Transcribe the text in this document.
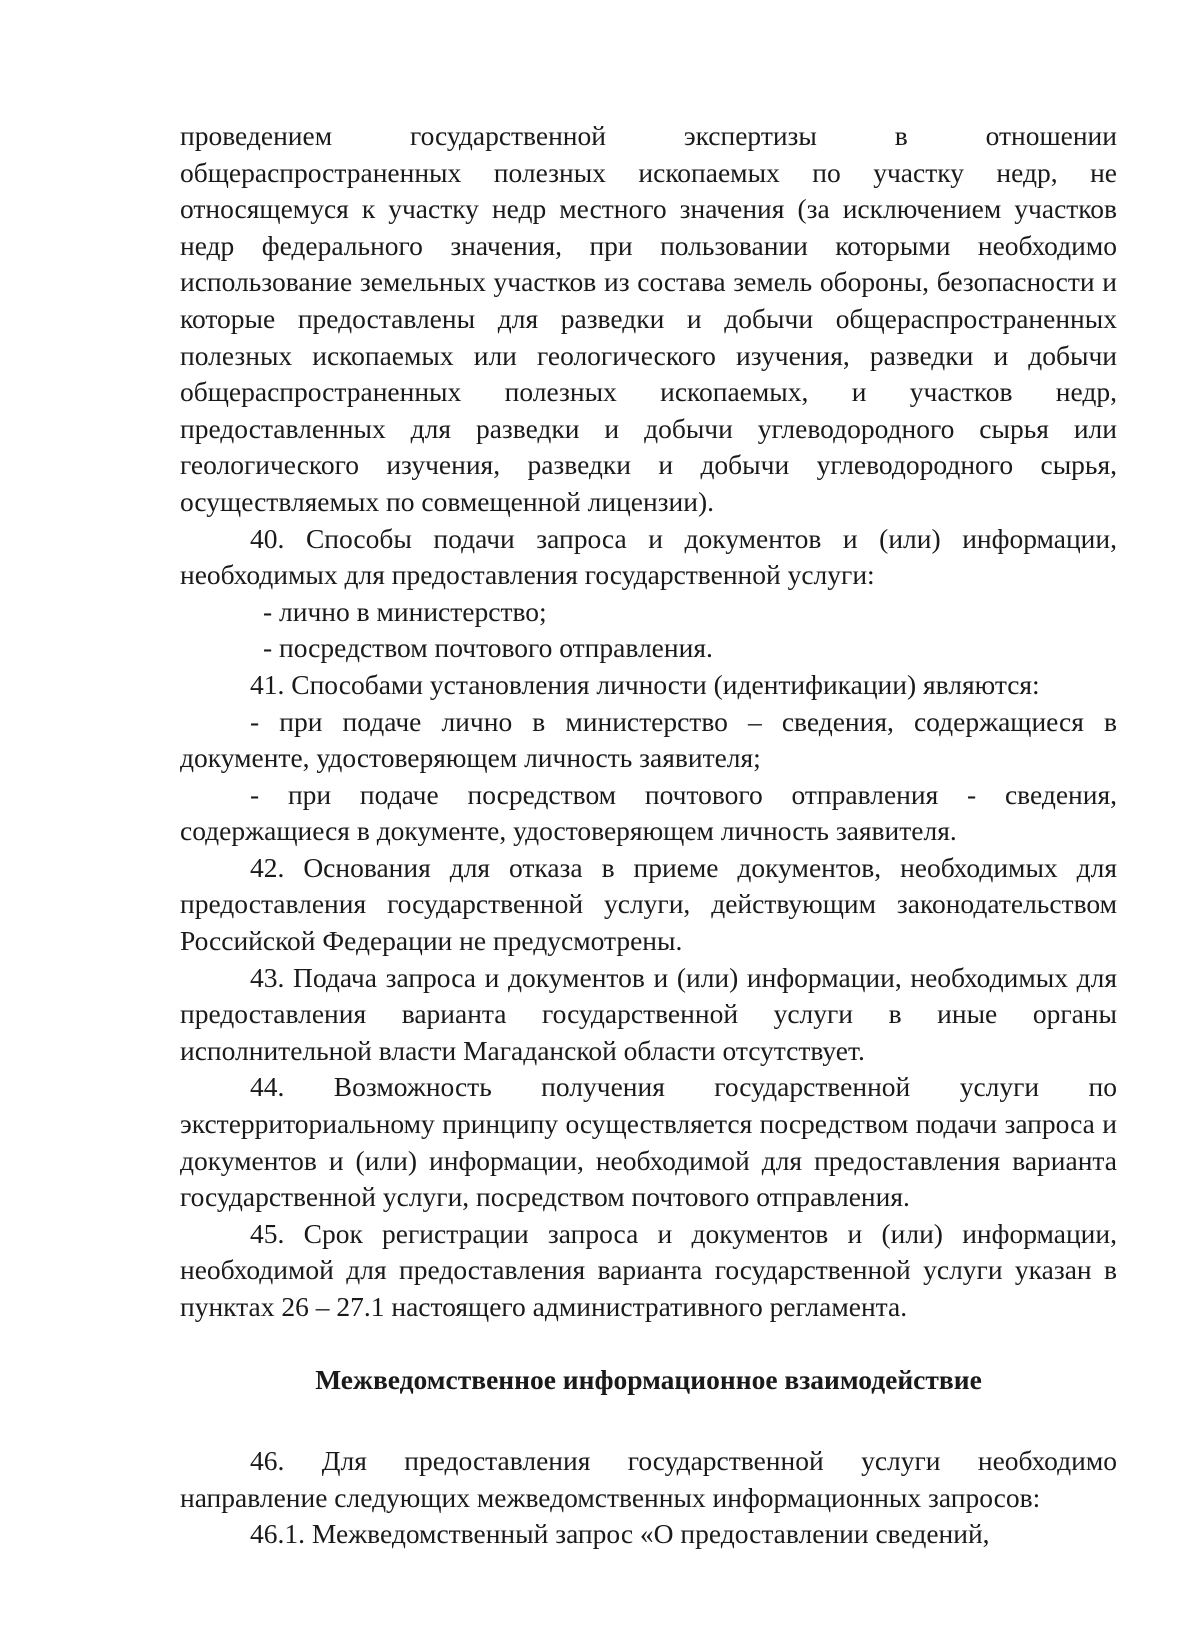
проведением государственной экспертизы в отношении общераспространенных полезных ископаемых по участку недр, не относящемуся к участку недр местного значения (за исключением участков недр федерального значения, при пользовании которыми необходимо использование земельных участков из состава земель обороны, безопасности и которые предоставлены для разведки и добычи общераспространенных полезных ископаемых или геологического изучения, разведки и добычи общераспространенных полезных ископаемых, и участков недр, предоставленных для разведки и добычи углеводородного сырья или геологического изучения, разведки и добычи углеводородного сырья, осуществляемых по совмещенной лицензии).

40. Способы подачи запроса и документов и (или) информации, необходимых для предоставления государственной услуги:

- лично в министерство;

- посредством почтового отправления.

41. Способами установления личности (идентификации) являются:

- при подаче лично в министерство – сведения, содержащиеся в документе, удостоверяющем личность заявителя;

- при подаче посредством почтового отправления - сведения, содержащиеся в документе, удостоверяющем личность заявителя.

42. Основания для отказа в приеме документов, необходимых для предоставления государственной услуги, действующим законодательством Российской Федерации не предусмотрены.

43. Подача запроса и документов и (или) информации, необходимых для предоставления варианта государственной услуги в иные органы исполнительной власти Магаданской области отсутствует.

44. Возможность получения государственной услуги по экстерриториальному принципу осуществляется посредством подачи запроса и документов и (или) информации, необходимой для предоставления варианта государственной услуги, посредством почтового отправления.

45. Срок регистрации запроса и документов и (или) информации, необходимой для предоставления варианта государственной услуги указан в пунктах 26 – 27.1 настоящего административного регламента.

Межведомственное информационное взаимодействие

46. Для предоставления государственной услуги необходимо направление следующих межведомственных информационных запросов:

46.1. Межведомственный запрос «О предоставлении сведений,
